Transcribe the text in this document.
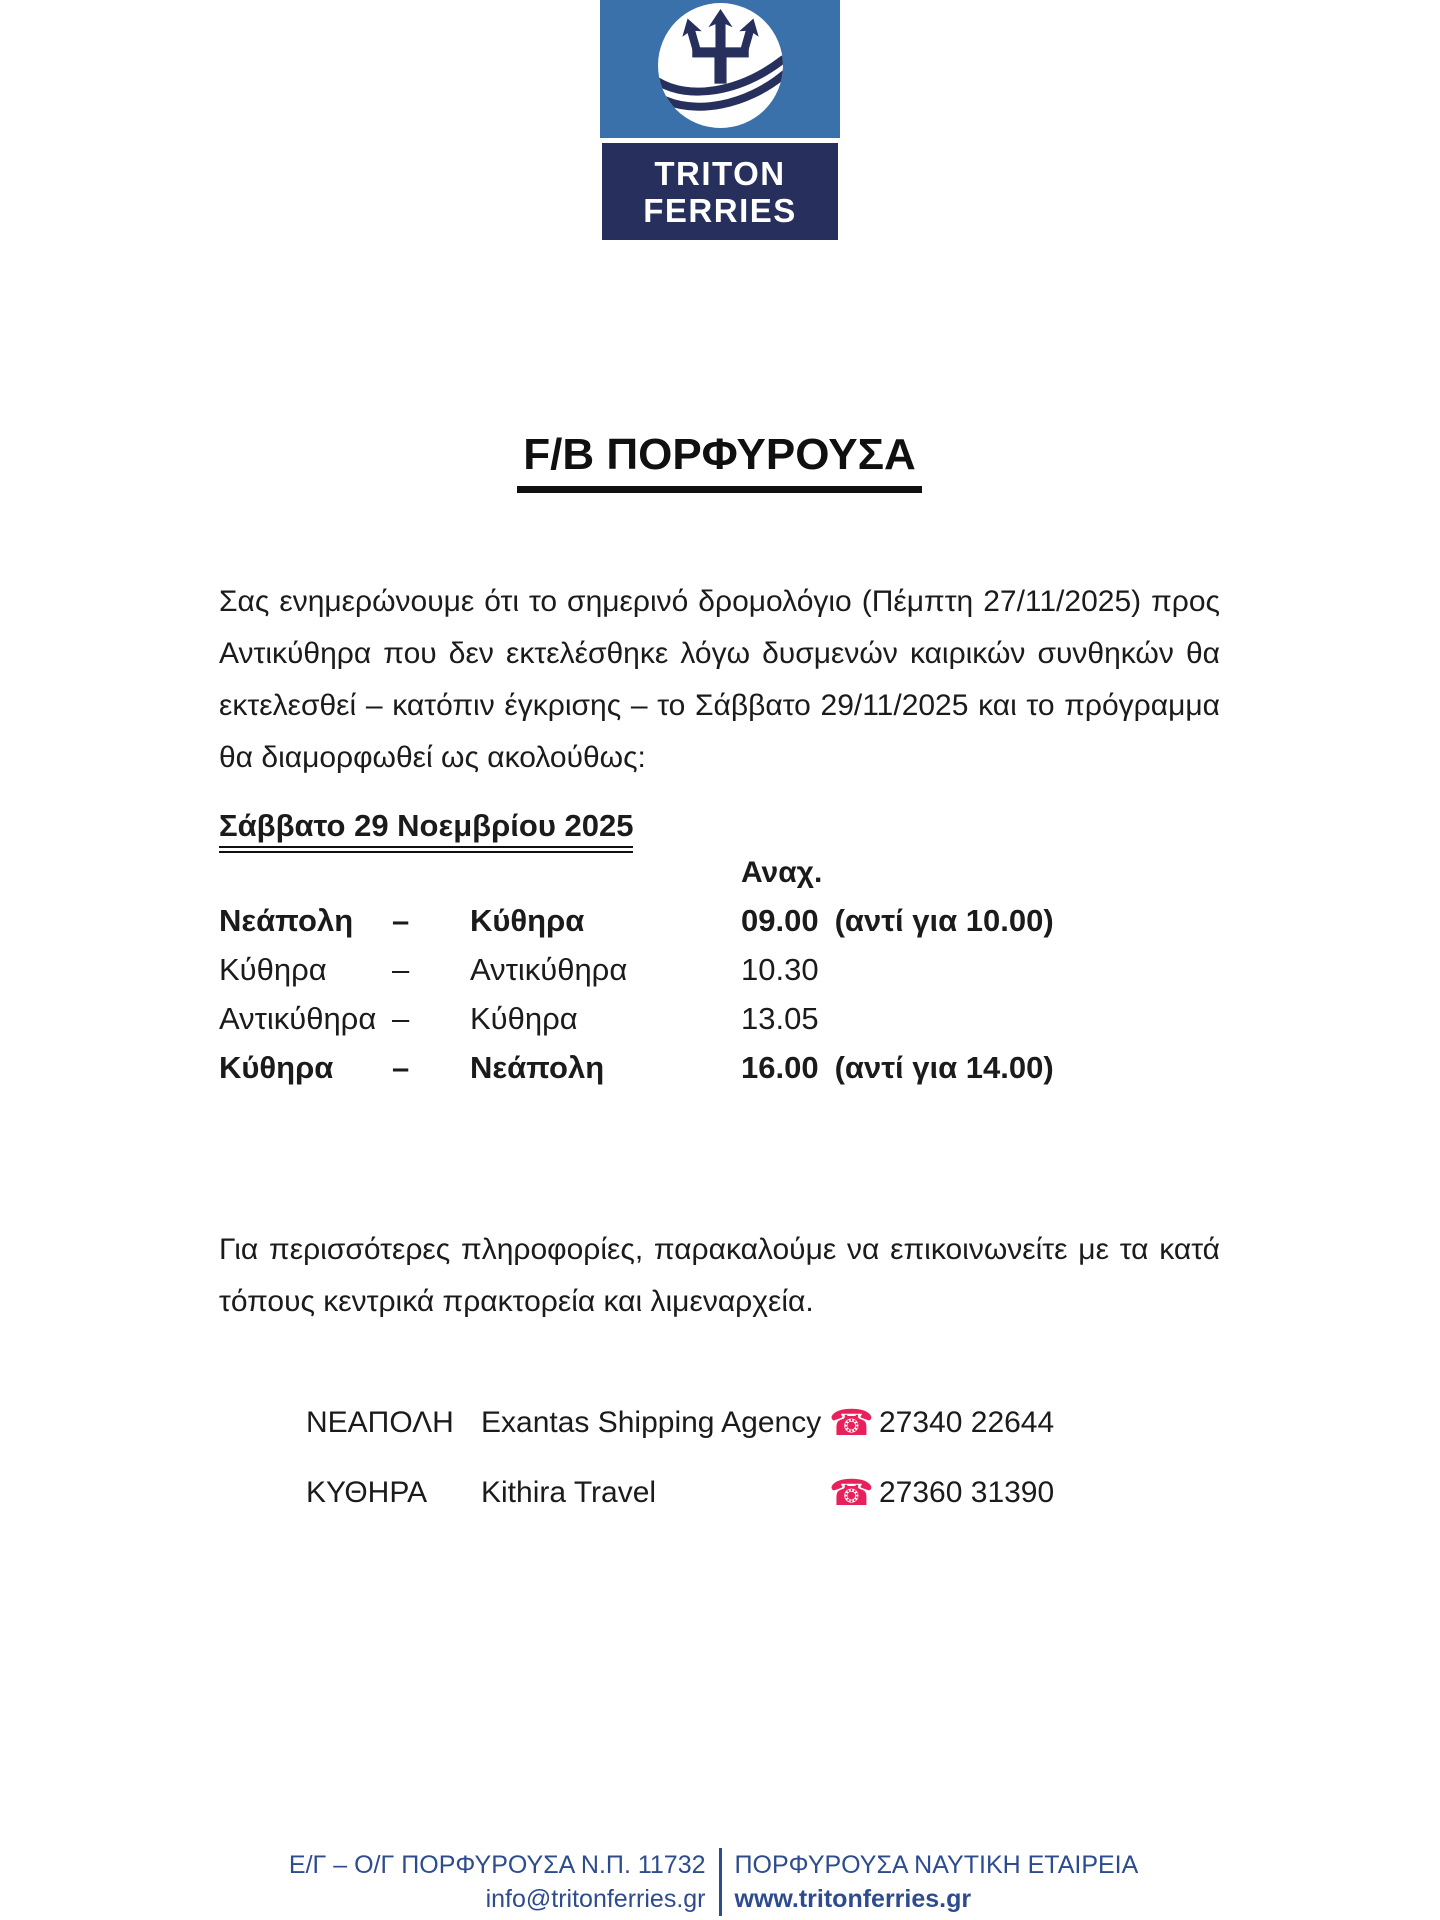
TRITON
FERRIES
F/B ΠΟΡΦΥΡΟΥΣΑ

Σας ενημερώνουμε ότι το σημερινό δρομολόγιο (Πέμπτη 27/11/2025) προς Αντικύθηρα που δεν εκτελέσθηκε λόγω δυσμενών καιρικών συνθηκών θα εκτελεσθεί – κατόπιν έγκρισης – το Σάββατο 29/11/2025 και το πρόγραμμα θα διαμορφωθεί ως ακολούθως:

Σάββατο 29 Νοεμβρίου 2025
Αναχ.
Νεάπολη	–	Κύθηρα	09.00 (αντί για 10.00)
Κύθηρα	–	Αντικύθηρα	10.30
Αντικύθηρα –	Κύθηρα	13.05
Κύθηρα	–	Νεάπολη	16.00 (αντί για 14.00)

Για περισσότερες πληροφορίες, παρακαλούμε να επικοινωνείτε με τα κατά τόπους κεντρικά πρακτορεία και λιμεναρχεία.

ΝΕΑΠΟΛΗ Exantas Shipping Agency ☎ 27340 22644
ΚΥΘΗΡΑ	Kithira Travel	☎ 27360 31390
Ε/Γ – Ο/Γ ΠΟΡΦΥΡΟΥΣΑ Ν.Π. 11732
info@tritonferries.gr
ΠΟΡΦΥΡΟΥΣΑ ΝΑΥΤΙΚΗ ΕΤΑΙΡΕΙΑ
www.tritonferries.gr
